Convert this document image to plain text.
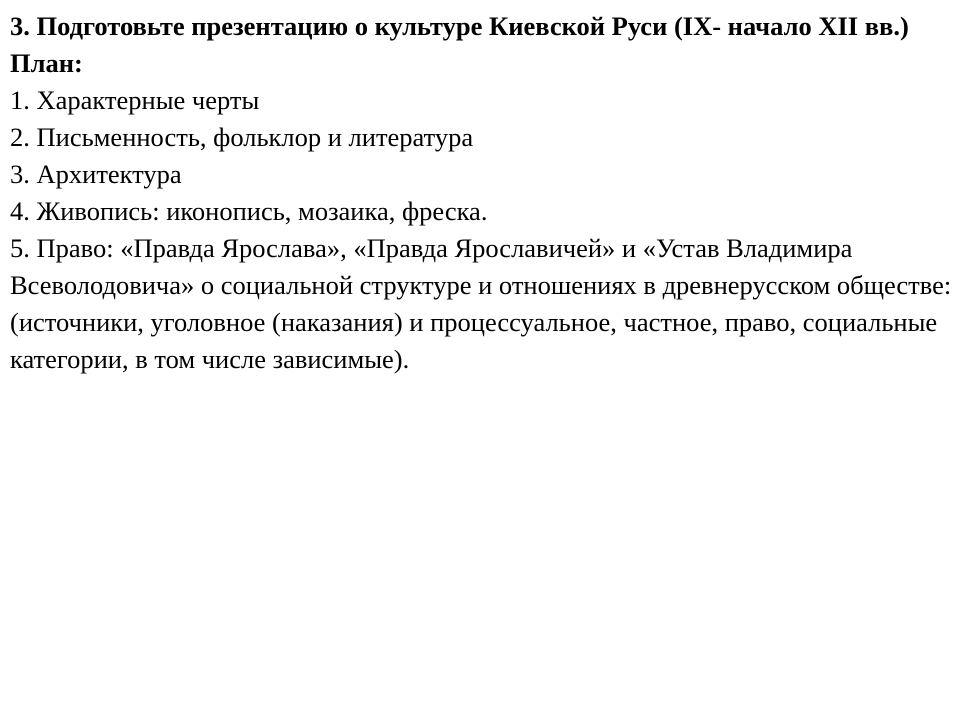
3. Подготовьте презентацию о культуре Киевской Руси (IX- начало XII вв.)

План:

1. Характерные черты
2. Письменность, фольклор и литература
3. Архитектура
4. Живопись: иконопись, мозаика, фреска.
5. Право: «Правда Ярослава», «Правда Ярославичей» и «Устав Владимира Всеволодовича» о социальной структуре и отношениях в древнерусском обществе: (источники, уголовное (наказания) и процессуальное, частное, право, социальные категории, в том числе зависимые).
